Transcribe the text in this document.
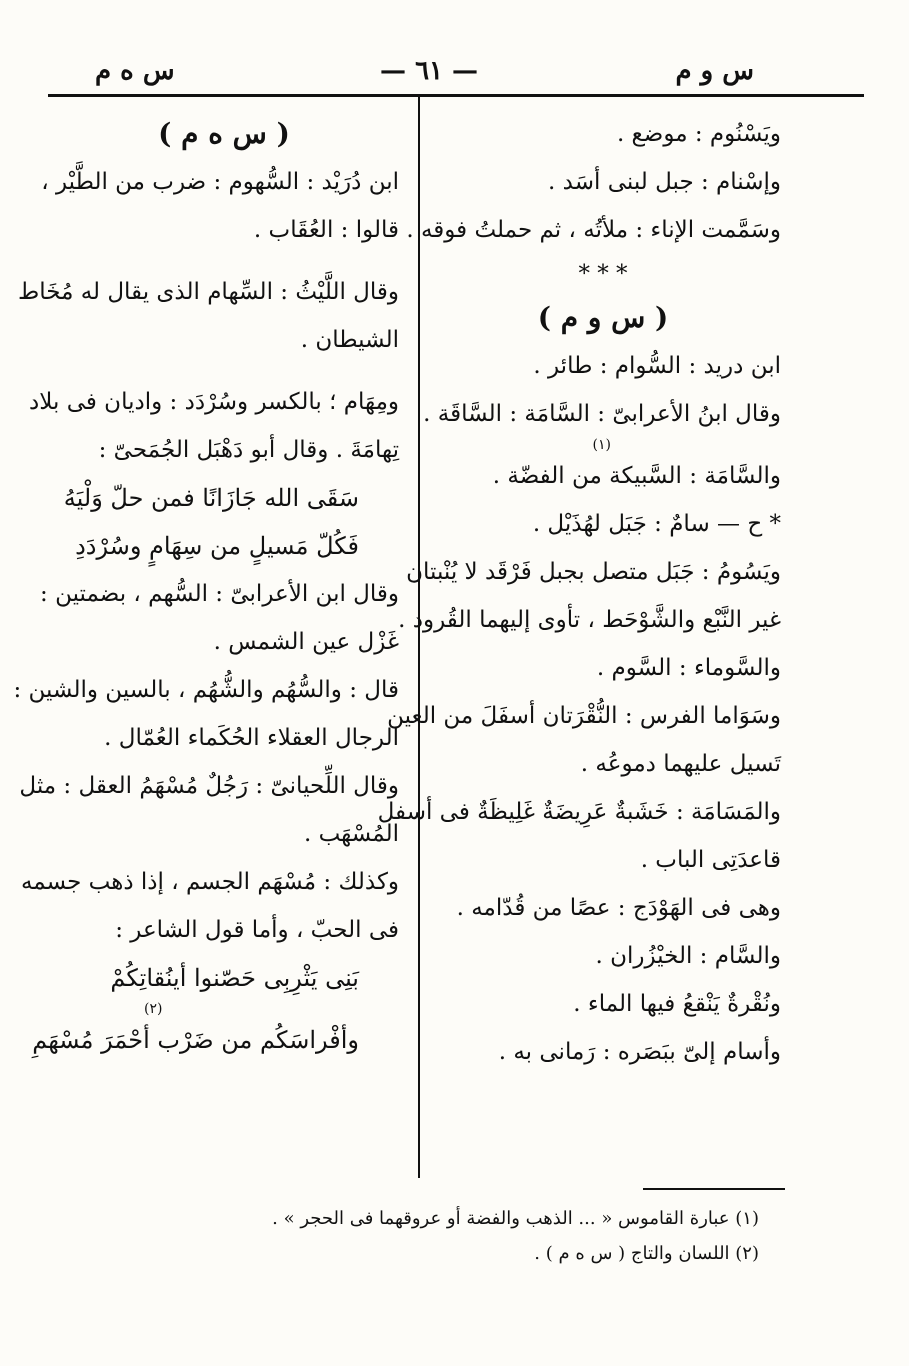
س و م
— ٦١ —
س ه م
ويَسْنُوم : موضع .
وإسْنام : جبل لبنى أسَد .
وسَمَّمت الإناء : ملأتُه ، ثم حملتُ فوقه .
* * *
( س و م )
ابن دريد : السُّوام : طائر .
وقال ابنُ الأعرابىّ : السَّامَة : السَّاقَة .
(١)
والسَّامَة : السَّبيكة من الفضّة .
* ح — سامٌ : جَبَل لهُذَيْل .
ويَسُومُ : جَبَل متصل بجبل فَرْقَد لا يُنْبتان
غير النَّبْع والشَّوْحَط ، تأوى إليهما القُرود .
والسَّوماء : السَّوم .
وسَوَاما الفرس : النُّقْرَتان أسفَلَ من العين
تَسيل عليهما دموعُه .
والمَسَامَة : خَشَبةٌ عَرِيضَةٌ غَلِيظَةٌ فى أسفل
قاعدَتِى الباب .
وهى فى الهَوْدَج : عصًا من قُدّامه .
والسَّام : الخيْزُران .
ونُقْرةٌ يَنْقعُ فيها الماء .
وأسام إلىّ ببَصَره : رَمانى به .
( س ه م )
ابن دُرَيْد : السُّهوم : ضرب من الطَّيْر ،
قالوا : العُقَاب .
وقال اللَّيْثُ : السِّهام الذى يقال له مُخَاط
الشيطان .
ومِهَام ؛ بالكسر وسُرْدَد : واديان فى بلاد
تِهامَةَ . وقال أبو دَهْبَل الجُمَحىّ :
سَقَى الله جَازَانًا فمن حلّ وَلْيَهُ
فَكُلّ مَسيلٍ من سِهَامٍ وسُرْدَدِ
وقال ابن الأعرابىّ : السُّهم ، بضمتين :
غَزْل عين الشمس .
قال : والسُّهُم والشُّهُم ، بالسين والشين :
الرجال العقلاء الحُكَماء العُمّال .
وقال اللِّحيانىّ : رَجُلٌ مُسْهَمُ العقل : مثل
المُسْهَب .
وكذلك : مُسْهَم الجسم ، إذا ذهب جسمه
فى الحبّ ، وأما قول الشاعر :
بَنِى يَثْرِبِى حَصّنوا أينُقاتِكُمْ
(٢)
وأفْراسَكُم من ضَرْب أحْمَرَ مُسْهَمِ
(١) عبارة القاموس « ... الذهب والفضة أو عروقهما فى الحجر » .
(٢) اللسان والتاج ( س ه م ) .
